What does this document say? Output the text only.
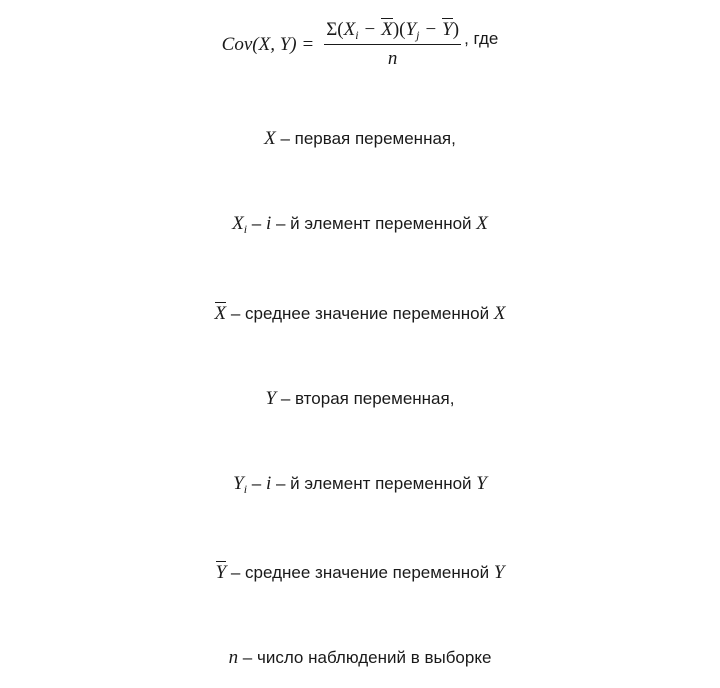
Cov(X, $Y) = \frac{\Sigma(X_i - X)(Y_j - Y)}{n}$ , где
X – первая переменная,
$X_i$ – i – й элемент переменной X
X – среднее значение переменной X
Y – вторая переменная,
$Y_i$ – i – й элемент переменной Y
Y – среднее значение переменной Y
n – число наблюдений в выборке
